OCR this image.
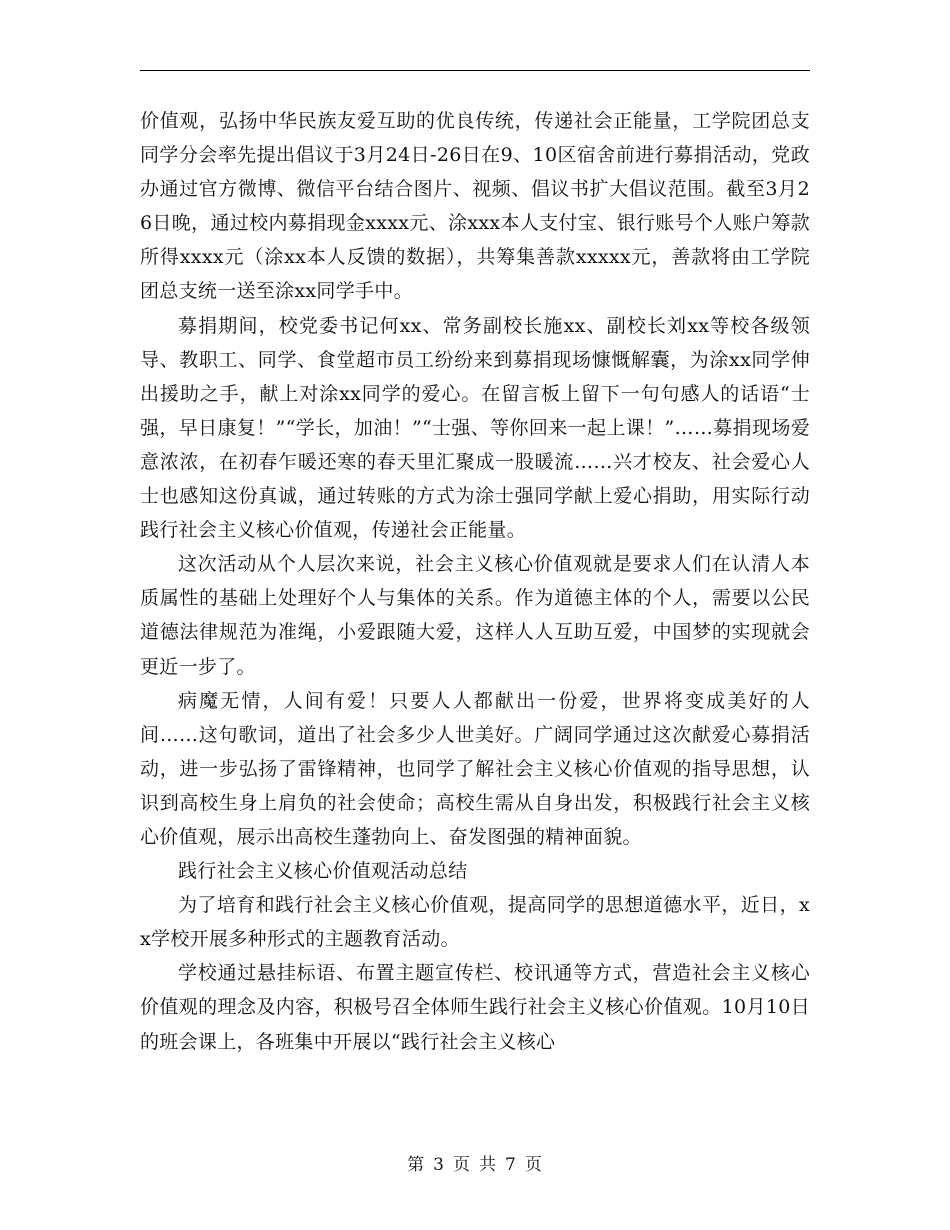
价值观，弘扬中华民族友爱互助的优良传统，传递社会正能量，工学院团总支同学分会率先提出倡议于3月24日-26日在9、10区宿舍前进行募捐活动，党政办通过官方微博、微信平台结合图片、视频、倡议书扩大倡议范围。截至3月26日晚，通过校内募捐现金xxxx元、涂xxx本人支付宝、银行账号个人账户筹款所得xxxx元（涂xx本人反馈的数据），共筹集善款xxxxx元，善款将由工学院团总支统一送至涂xx同学手中。

募捐期间，校党委书记何xx、常务副校长施xx、副校长刘xx等校各级领导、教职工、同学、食堂超市员工纷纷来到募捐现场慷慨解囊，为涂xx同学伸出援助之手，献上对涂xx同学的爱心。在留言板上留下一句句感人的话语“士强，早日康复！”“学长，加油！”“士强、等你回来一起上课！”……募捐现场爱意浓浓，在初春乍暖还寒的春天里汇聚成一股暖流……兴才校友、社会爱心人士也感知这份真诚，通过转账的方式为涂士强同学献上爱心捐助，用实际行动践行社会主义核心价值观，传递社会正能量。

这次活动从个人层次来说，社会主义核心价值观就是要求人们在认清人本质属性的基础上处理好个人与集体的关系。作为道德主体的个人，需要以公民道德法律规范为准绳，小爱跟随大爱，这样人人互助互爱，中国梦的实现就会更近一步了。

病魔无情，人间有爱！只要人人都献出一份爱，世界将变成美好的人间……这句歌词，道出了社会多少人世美好。广阔同学通过这次献爱心募捐活动，进一步弘扬了雷锋精神，也同学了解社会主义核心价值观的指导思想，认识到高校生身上肩负的社会使命；高校生需从自身出发，积极践行社会主义核心价值观，展示出高校生蓬勃向上、奋发图强的精神面貌。

践行社会主义核心价值观活动总结

为了培育和践行社会主义核心价值观，提高同学的思想道德水平，近日，xx学校开展多种形式的主题教育活动。

学校通过悬挂标语、布置主题宣传栏、校讯通等方式，营造社会主义核心价值观的理念及内容，积极号召全体师生践行社会主义核心价值观。10月10日的班会课上，各班集中开展以“践行社会主义核心

第 3 页 共 7 页
